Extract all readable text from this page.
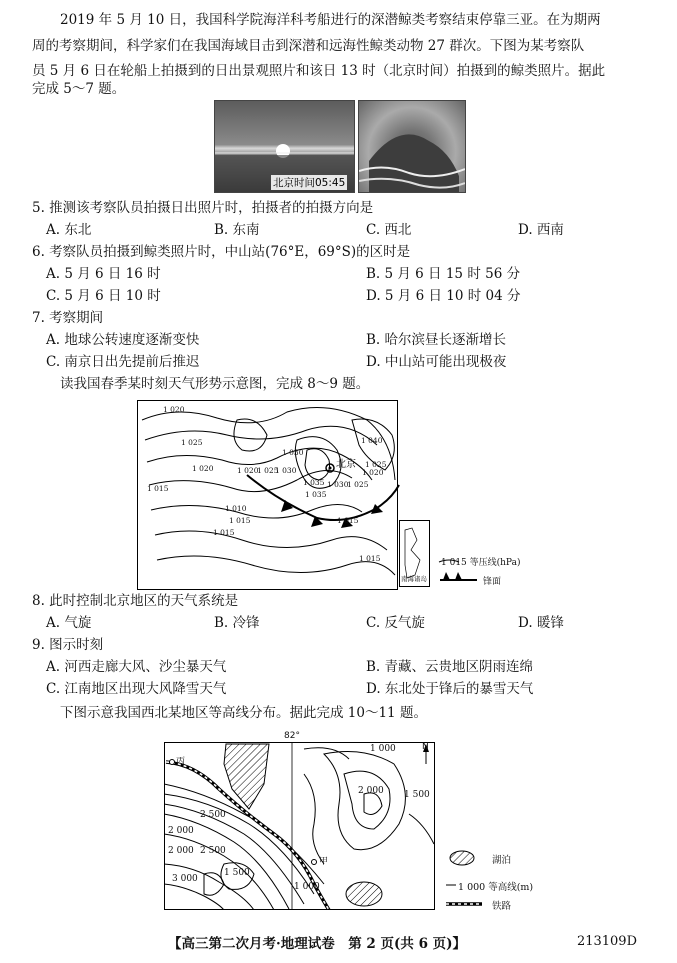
2019 年 5 月 10 日，我国科学院海洋科考船进行的深潜鲸类考察结束停靠三亚。在为期两
周的考察期间，科学家们在我国海域目击到深潜和远海性鲸类动物 27 群次。下图为某考察队
员 5 月 6 日在轮船上拍摄到的日出景观照片和该日 13 时（北京时间）拍摄到的鲸类照片。据此
完成 5～7 题。
北京时间05:45
5. 推测该考察队员拍摄日出照片时，拍摄者的拍摄方向是
A. 东北	B. 东南	C. 西北	D. 西南
6. 考察队员拍摄到鲸类照片时，中山站(76°E，69°S)的区时是
A. 5 月 6 日 16 时	B. 5 月 6 日 15 时 56 分
C. 5 月 6 日 10 时	D. 5 月 6 日 10 时 04 分
7. 考察期间
A. 地球公转速度逐渐变快	B. 哈尔滨昼长逐渐增长
C. 南京日出先提前后推迟	D. 中山站可能出现极夜
读我国春季某时刻天气形势示意图，完成 8～9 题。
北京
1 020
1 025
1 030
1 035
1 040
1 025
1 020
1 025
1 030
1 035
1 030
1 025
1 020
1 020
1 015
1 010
1 015
1 015
1 015
1 015
南海诸岛
1 015 等压线(hPa)
锋面
8. 此时控制北京地区的天气系统是
A. 气旋	B. 冷锋	C. 反气旋	D. 暖锋
9. 图示时刻
A. 河西走廊大风、沙尘暴天气	B. 青藏、云贵地区阴雨连绵
C. 江南地区出现大风降雪天气	D. 东北处于锋后的暴雪天气
下图示意我国西北某地区等高线分布。据此完成 10～11 题。
82°
N
丙
甲
1 000
2 000 1 500
2 500
2 000
2 000 2 500
3 000
1 500
1 000
湖泊
1 000 等高线(m)
铁路
【高三第二次月考·地理试卷　第 2 页(共 6 页)】	213109D
